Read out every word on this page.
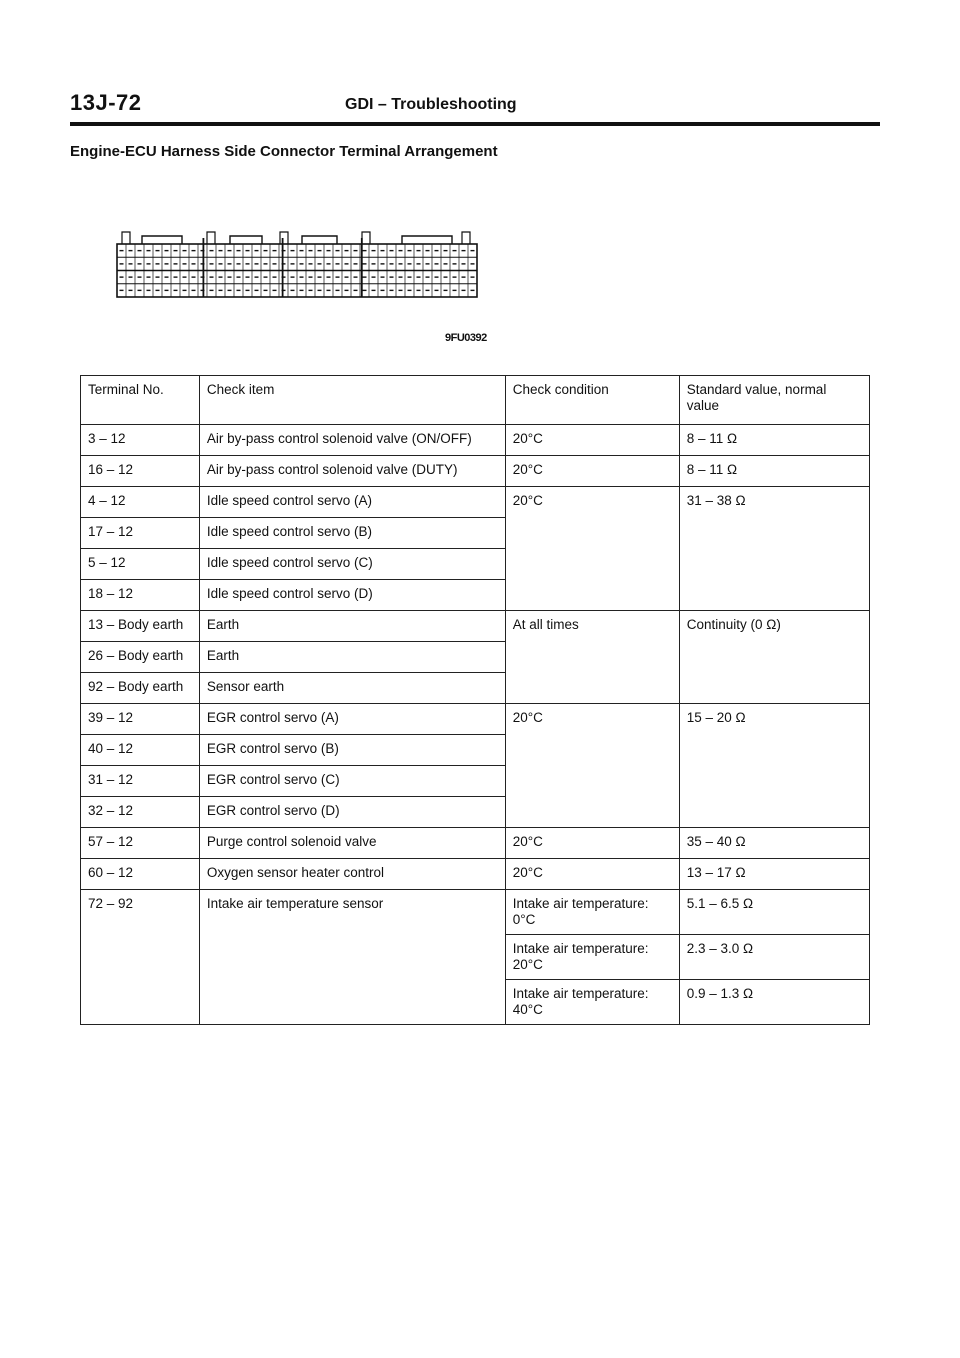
13J-72	GDI – Troubleshooting
Engine-ECU Harness Side Connector Terminal Arrangement
9FU0392
Terminal No.	Check item	Check condition	Standard value, normal value
3 – 12	Air by-pass control solenoid valve (ON/OFF)	20°C	8 – 11 Ω
16 – 12	Air by-pass control solenoid valve (DUTY)	20°C	8 – 11 Ω
4 – 12	Idle speed control servo (A)	20°C	31 – 38 Ω
17 – 12	Idle speed control servo (B)		
5 – 12	Idle speed control servo (C)		
18 – 12	Idle speed control servo (D)		
13 – Body earth	Earth	At all times	Continuity (0 Ω)
26 – Body earth	Earth		
92 – Body earth	Sensor earth		
39 – 12	EGR control servo (A)	20°C	15 – 20 Ω
40 – 12	EGR control servo (B)		
31 – 12	EGR control servo (C)		
32 – 12	EGR control servo (D)		
57 – 12	Purge control solenoid valve	20°C	35 – 40 Ω
60 – 12	Oxygen sensor heater control	20°C	13 – 17 Ω
72 – 92	Intake air temperature sensor	Intake air temperature: 0°C	5.1 – 6.5 Ω
		Intake air temperature: 20°C	2.3 – 3.0 Ω
		Intake air temperature: 40°C	0.9 – 1.3 Ω
